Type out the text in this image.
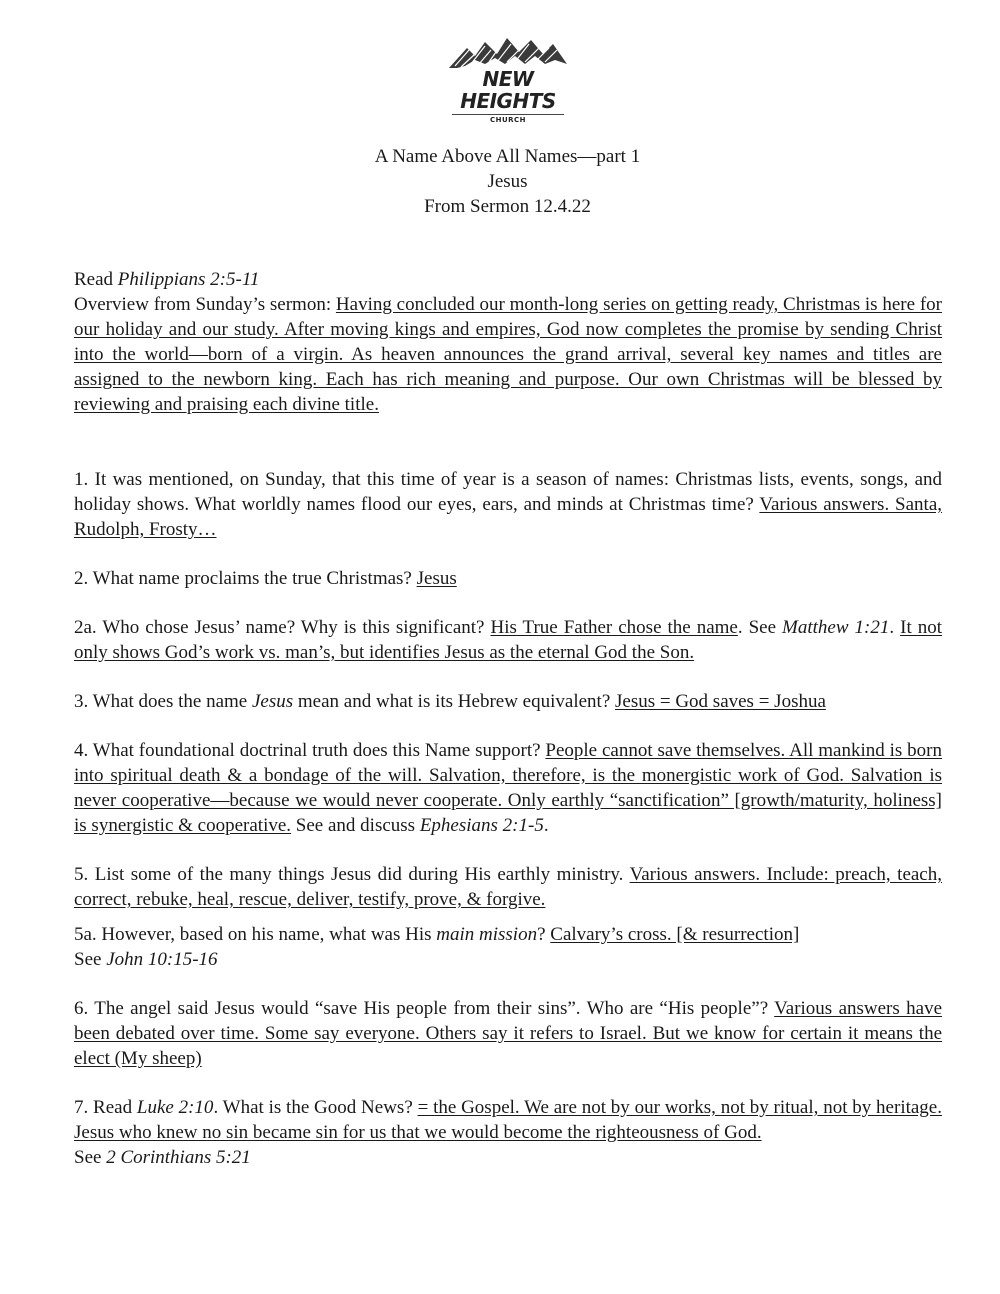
NEW HEIGHTS
CHURCH
A Name Above All Names—part 1
Jesus
From Sermon 12.4.22

Read Philippians 2:5-11

Overview from Sunday’s sermon: Having concluded our month-long series on getting ready, Christmas is here for our holiday and our study. After moving kings and empires, God now completes the promise by sending Christ into the world—born of a virgin. As heaven announces the grand arrival, several key names and titles are assigned to the newborn king. Each has rich meaning and purpose. Our own Christmas will be blessed by reviewing and praising each divine title.

1. It was mentioned, on Sunday, that this time of year is a season of names: Christmas lists, events, songs, and holiday shows. What worldly names flood our eyes, ears, and minds at Christmas time? Various answers. Santa, Rudolph, Frosty…

2. What name proclaims the true Christmas? Jesus

2a. Who chose Jesus’ name? Why is this significant? His True Father chose the name. See Matthew 1:21. It not only shows God’s work vs. man’s, but identifies Jesus as the eternal God the Son.

3. What does the name Jesus mean and what is its Hebrew equivalent? Jesus = God saves = Joshua

4. What foundational doctrinal truth does this Name support? People cannot save themselves. All mankind is born into spiritual death & a bondage of the will. Salvation, therefore, is the monergistic work of God. Salvation is never cooperative—because we would never cooperate. Only earthly “sanctification” [growth/maturity, holiness] is synergistic & cooperative. See and discuss Ephesians 2:1-5.

5. List some of the many things Jesus did during His earthly ministry. Various answers. Include: preach, teach, correct, rebuke, heal, rescue, deliver, testify, prove, & forgive.

5a. However, based on his name, what was His main mission? Calvary’s cross. [& resurrection]

See John 10:15-16

6. The angel said Jesus would “save His people from their sins”. Who are “His people”? Various answers have been debated over time. Some say everyone. Others say it refers to Israel. But we know for certain it means the elect (My sheep)

7. Read Luke 2:10. What is the Good News? = the Gospel. We are not by our works, not by ritual, not by heritage. Jesus who knew no sin became sin for us that we would become the righteousness of God.

See 2 Corinthians 5:21
